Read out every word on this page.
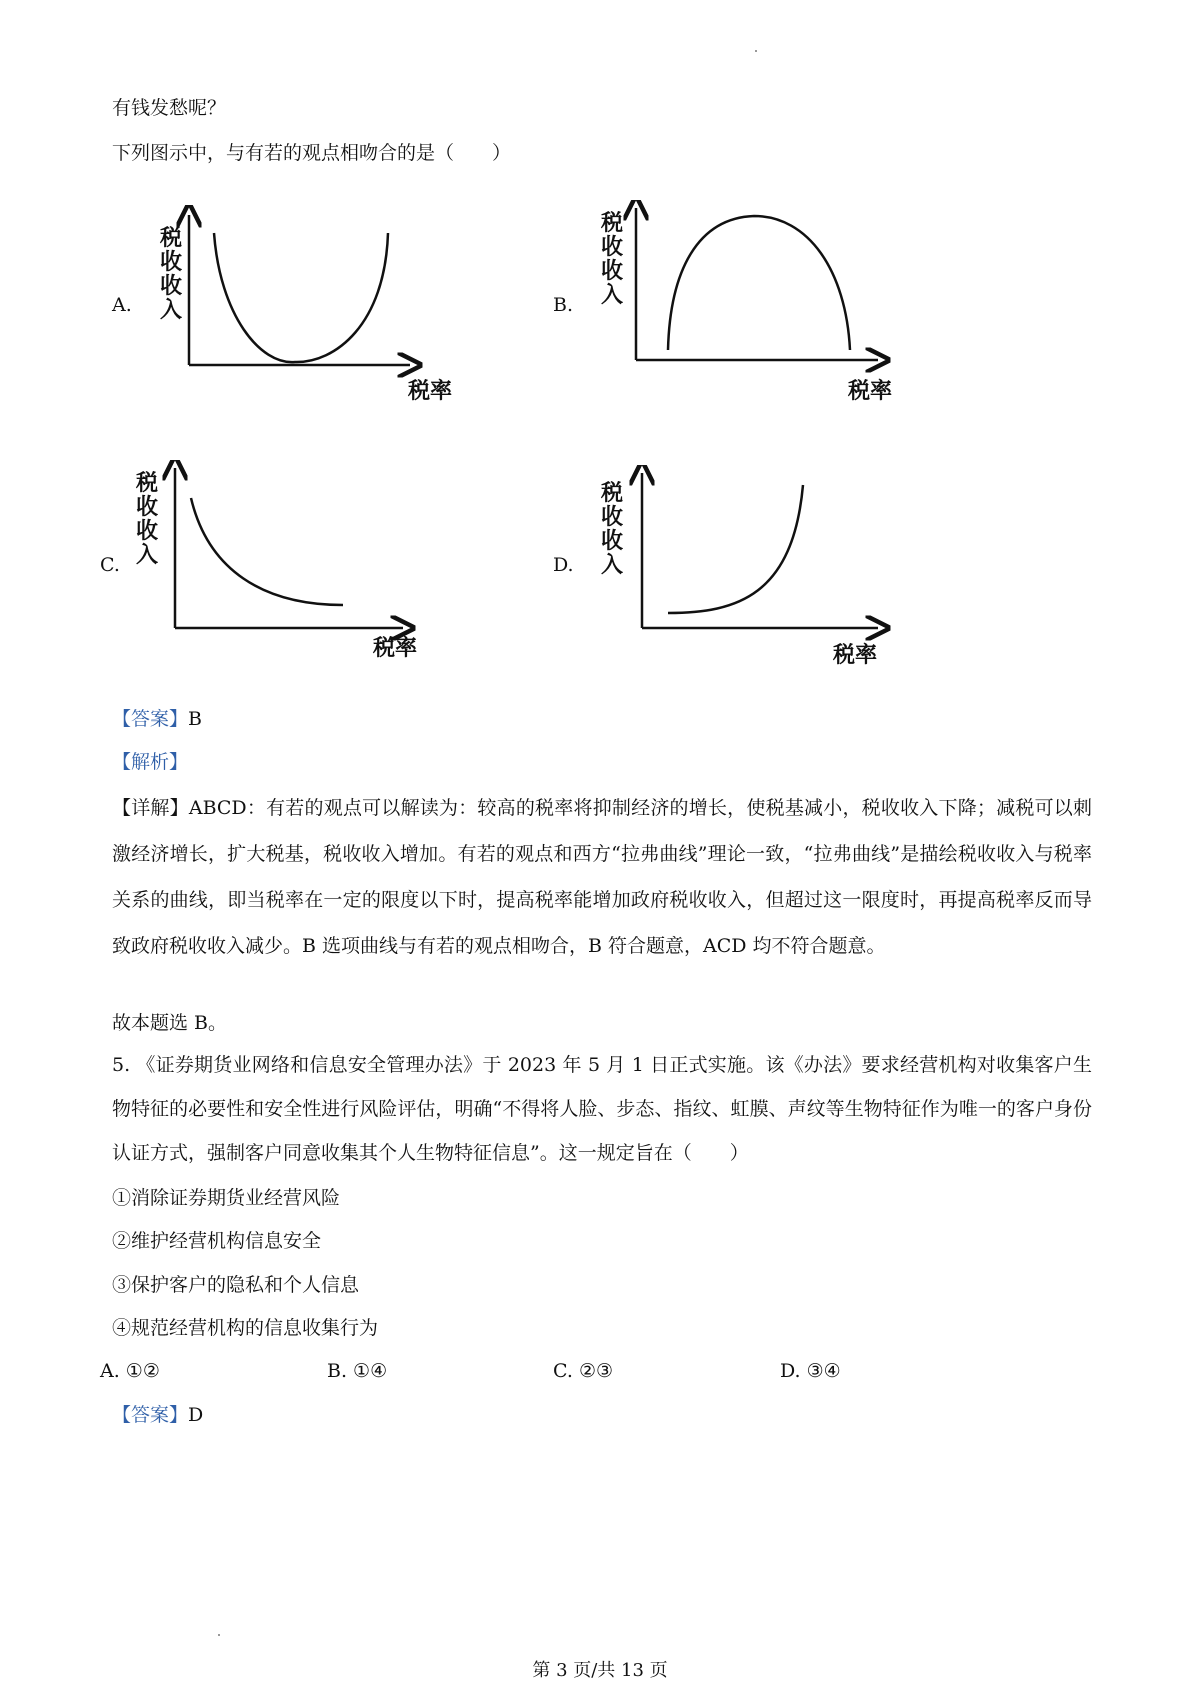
有钱发愁呢？
下列图示中，与有若的观点相吻合的是（　　）
A.
税
收
收
入
税率
B.
税
收
收
入
税率
C.
税
收
收
入
税率
D.
税
收
收
入
税率
【答案】B
【解析】
【详解】ABCD：有若的观点可以解读为：较高的税率将抑制经济的增长，使税基减小，税收收入下降；减税可以刺激经济增长，扩大税基，税收收入增加。有若的观点和西方“拉弗曲线”理论一致，“拉弗曲线”是描绘税收收入与税率关系的曲线，即当税率在一定的限度以下时，提高税率能增加政府税收收入，但超过这一限度时，再提高税率反而导致政府税收收入减少。B 选项曲线与有若的观点相吻合，B 符合题意，ACD 均不符合题意。
故本题选 B。
5. 《证券期货业网络和信息安全管理办法》于 2023 年 5 月 1 日正式实施。该《办法》要求经营机构对收集客户生物特征的必要性和安全性进行风险评估，明确“不得将人脸、步态、指纹、虹膜、声纹等生物特征作为唯一的客户身份认证方式，强制客户同意收集其个人生物特征信息”。这一规定旨在（　　）
①消除证券期货业经营风险
②维护经营机构信息安全
③保护客户的隐私和个人信息
④规范经营机构的信息收集行为
A. ①②	B. ①④	C. ②③	D. ③④
【答案】D
第 3 页/共 13 页
